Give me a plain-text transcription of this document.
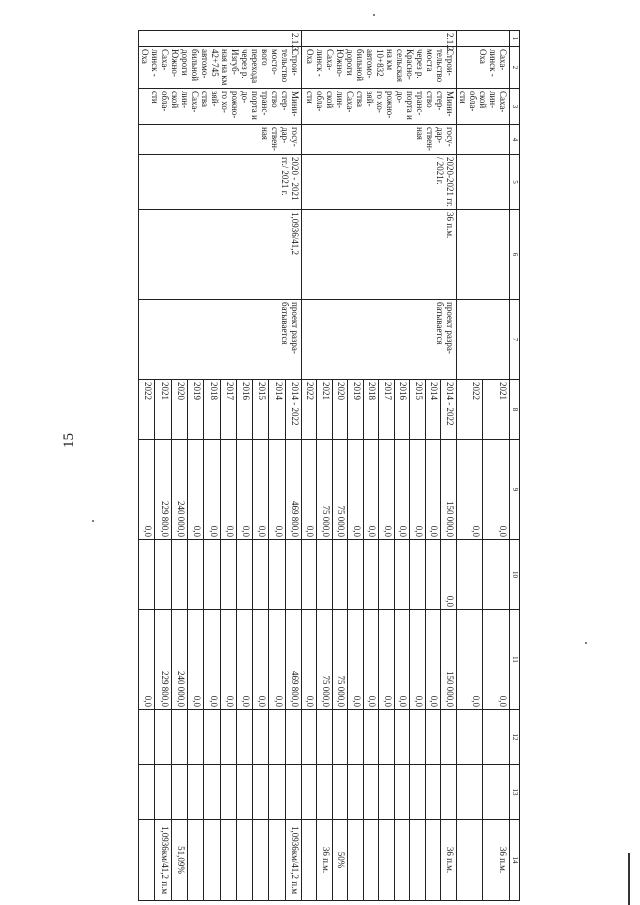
15
1	2	3	4	5	6	7	8	9	10	11	12	13	14
	Саха-линск - Оха	Саха-лин-ской обла-сти					2021	0,0		0,0			36 п.м.
							2022	0,0		0,0			
2.1.2.	Строи-тельство моста через р. Красно-сельская на км 10+832 автомо-бильной дороги Южно-Саха-линск - Оха	Мини-стер-ство транс-порта и до-рожно-го хо-зяй-ства Саха-лин-ской обла-сти	госу-дар-ствен-ная	2020-2021 гг. / 2021г.	36 п.м.	проект разра-батывается	2014 - 2022	150 000,0	0,0	150 000,0			36 п.м.
							2014	0,0		0,0			
							2015	0,0		0,0			
							2016	0,0		0,0			
							2017	0,0		0,0			
							2018	0,0		0,0			
							2019	0,0		0,0			
							2020	75 000,0		75 000,0			50%
							2021	75 000,0		75 000,0			36 п.м.
							2022	0,0		0,0			
2.1.3.	Строи-тельство мосто-вого перехода через р. Изгуб-ная на км 42+745 автомо-бильной дороги Южно-Саха-линск - Оха	Мини-стер-ство транс-порта и до-рожно-го хо-зяй-ства Саха-лин-ской обла-сти	госу-дар-ствен-ная	2020 - 2021 гг./ 2021 г.	1,0936/41,2	проект разра-батывается	2014 - 2022	469 800,0		469 800,0			1,0936км/41,2 п.м
							2014	0,0		0,0			
							2015	0,0		0,0			
							2016	0,0		0,0			
							2017	0,0		0,0			
							2018	0,0		0,0			
							2019	0,0		0,0			
							2020	240 000,0		240 000,0			51,09%
							2021	229 800,0		229 800,0			1,0936км/41,2 п.м
							2022	0,0		0,0			
